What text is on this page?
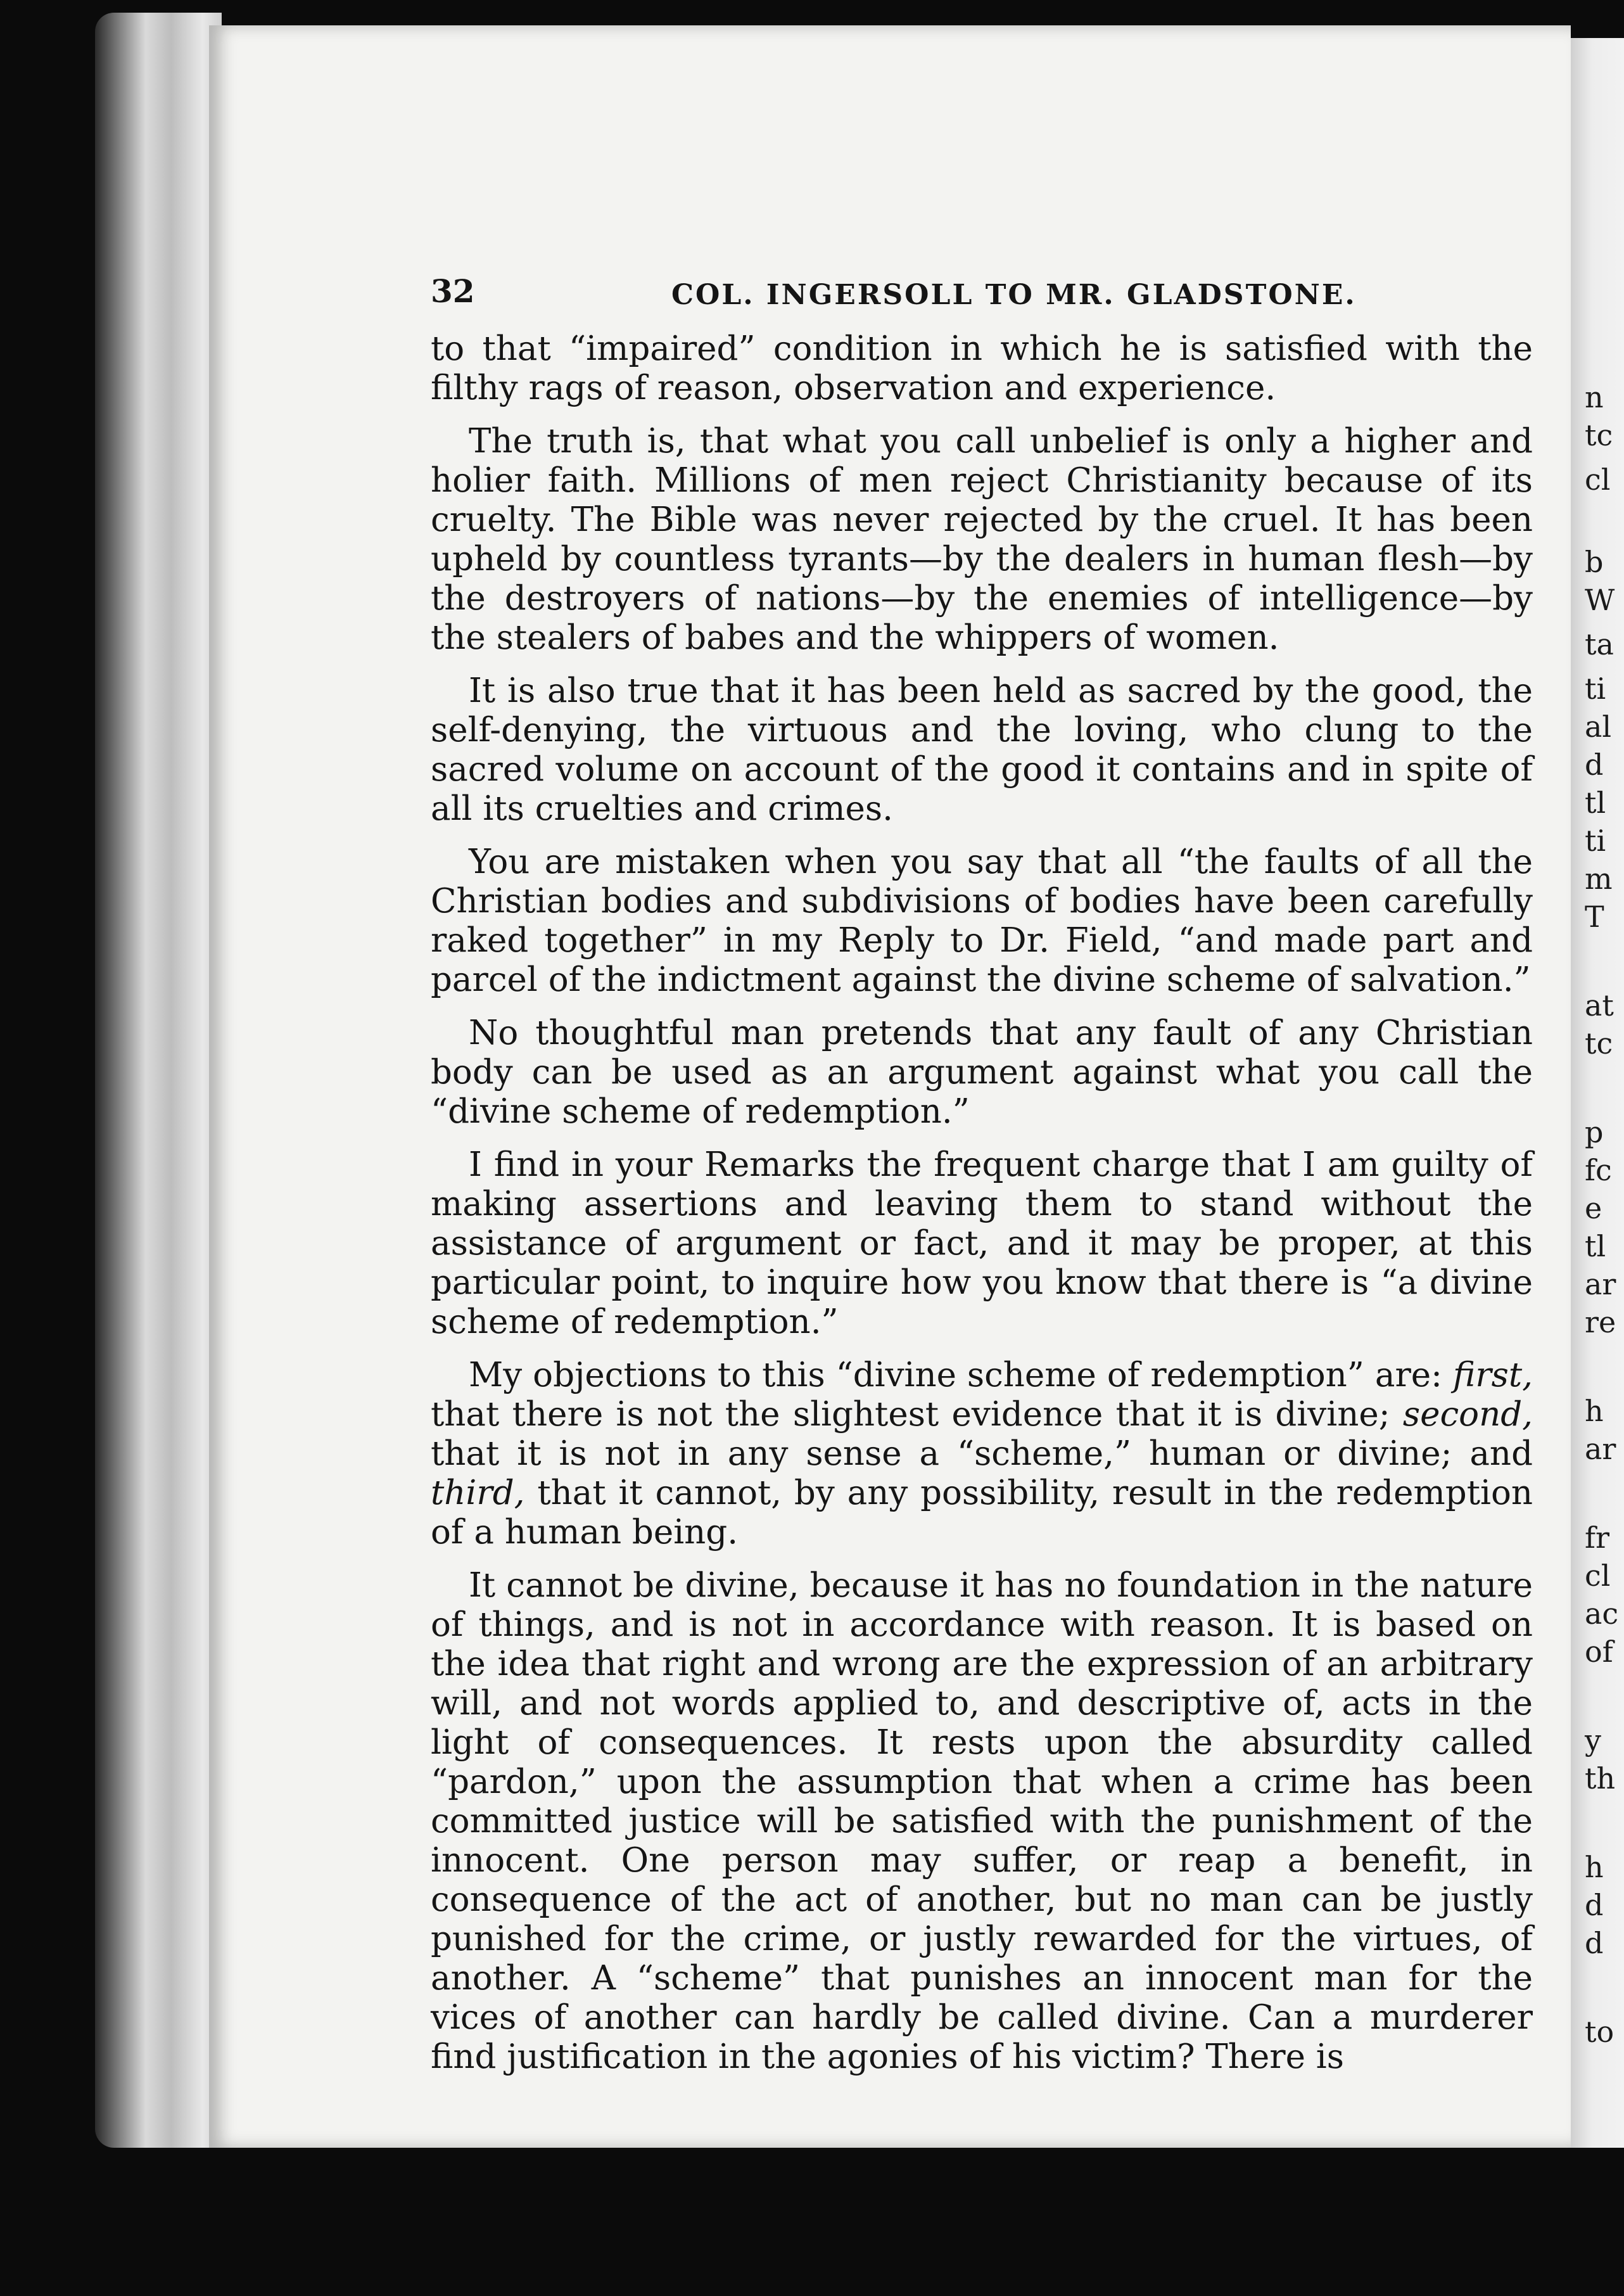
n
tc
cl
b
W
ta
ti
al
d
tl
ti
m
T
at
tc
p
fc
e
tl
ar
re
h
ar
fr
cl
ac
of
y
th
h
d
d
to
32	COL. INGERSOLL TO MR. GLADSTONE.

to that “impaired” condition in which he is satisfied with the filthy rags of reason, observation and experience.

The truth is, that what you call unbelief is only a higher and holier faith. Millions of men reject Christianity because of its cruelty. The Bible was never rejected by the cruel. It has been upheld by countless tyrants—by the dealers in human flesh—by the destroyers of nations—by the enemies of intelligence—by the stealers of babes and the whippers of women.

It is also true that it has been held as sacred by the good, the self-denying, the virtuous and the loving, who clung to the sacred volume on account of the good it contains and in spite of all its cruelties and crimes.

You are mistaken when you say that all “the faults of all the Christian bodies and subdivisions of bodies have been carefully raked together” in my Reply to Dr. Field, “and made part and parcel of the indictment against the divine scheme of salvation.”

No thoughtful man pretends that any fault of any Christian body can be used as an argument against what you call the “divine scheme of redemption.”

I find in your Remarks the frequent charge that I am guilty of making assertions and leaving them to stand without the assistance of argument or fact, and it may be proper, at this particular point, to inquire how you know that there is “a divine scheme of redemption.”

My objections to this “divine scheme of redemption” are: first, that there is not the slightest evidence that it is divine; second, that it is not in any sense a “scheme,” human or divine; and third, that it cannot, by any possibility, result in the redemption of a human being.

It cannot be divine, because it has no foundation in the nature of things, and is not in accordance with reason. It is based on the idea that right and wrong are the expression of an arbitrary will, and not words applied to, and descriptive of, acts in the light of consequences. It rests upon the absurdity called “pardon,” upon the assumption that when a crime has been committed justice will be satisfied with the punishment of the innocent. One person may suffer, or reap a benefit, in consequence of the act of another, but no man can be justly punished for the crime, or justly rewarded for the virtues, of another. A “scheme” that punishes an innocent man for the vices of another can hardly be called divine. Can a murderer find justification in the agonies of his victim? There is
